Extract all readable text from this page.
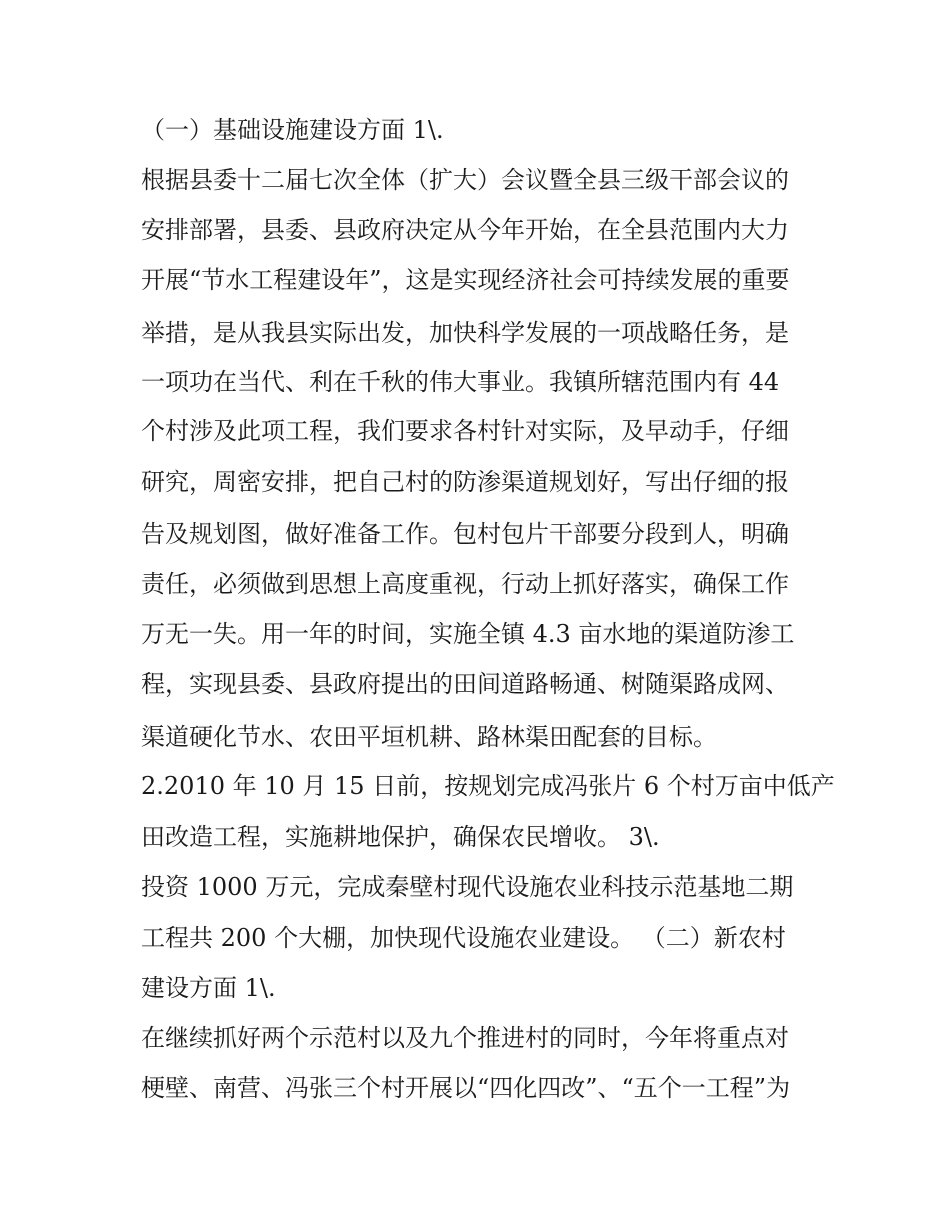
（一）基础设施建设方面 1\.
根据县委十二届七次全体（扩大）会议暨全县三级干部会议的
安排部署，县委、县政府决定从今年开始，在全县范围内大力
开展“节水工程建设年”，这是实现经济社会可持续发展的重要
举措，是从我县实际出发，加快科学发展的一项战略任务，是
一项功在当代、利在千秋的伟大事业。我镇所辖范围内有 44
个村涉及此项工程，我们要求各村针对实际，及早动手，仔细
研究，周密安排，把自己村的防渗渠道规划好，写出仔细的报
告及规划图，做好准备工作。包村包片干部要分段到人，明确
责任，必须做到思想上高度重视，行动上抓好落实，确保工作
万无一失。用一年的时间，实施全镇 4.3 亩水地的渠道防渗工
程，实现县委、县政府提出的田间道路畅通、树随渠路成网、
渠道硬化节水、农田平垣机耕、路林渠田配套的目标。
2.2010 年 10 月 15 日前，按规划完成冯张片 6 个村万亩中低产
田改造工程，实施耕地保护，确保农民增收。 3\.
投资 1000 万元，完成秦壁村现代设施农业科技示范基地二期
工程共 200 个大棚，加快现代设施农业建设。 （二）新农村
建设方面 1\.
在继续抓好两个示范村以及九个推进村的同时，今年将重点对
梗壁、南营、冯张三个村开展以“四化四改”、“五个一工程”为
